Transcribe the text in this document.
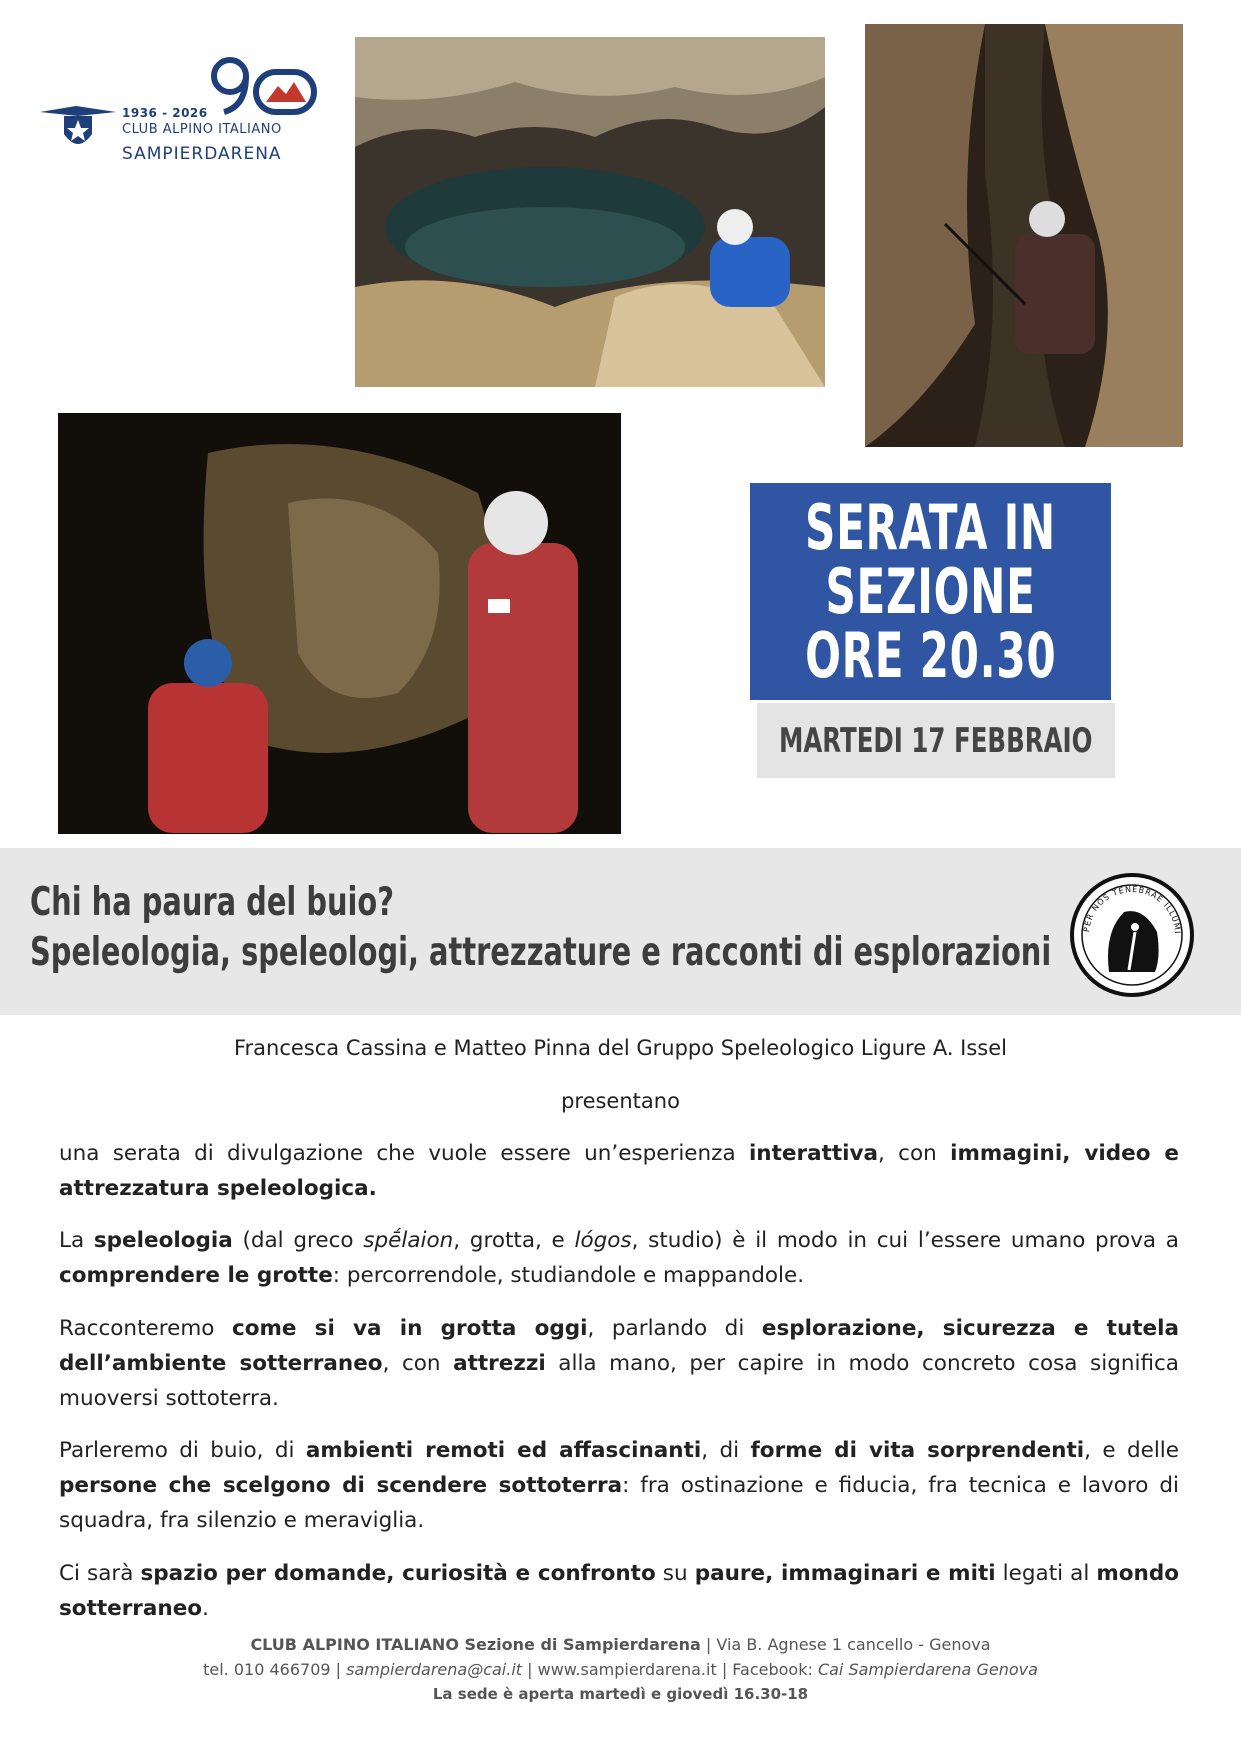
1936 - 2026
CLUB ALPINO ITALIANO
SAMPIERDARENA
SERATA IN
SEZIONE
ORE 20.30
MARTEDI 17 FEBBRAIO
Chi ha paura del buio?
Speleologia, speleologi, attrezzature e racconti di esplorazioni
PER NOS TENEBRAE ILLUMI
Francesca Cassina e Matteo Pinna del Gruppo Speleologico Ligure A. Issel
presentano
una serata di divulgazione che vuole essere un’esperienza interattiva, con immagini, video e attrezzatura speleologica.
La speleologia (dal greco spḗlaion, grotta, e lógos, studio) è il modo in cui l’essere umano prova a comprendere le grotte: percorrendole, studiandole e mappandole.
Racconteremo come si va in grotta oggi, parlando di esplorazione, sicurezza e tutela dell’ambiente sotterraneo, con attrezzi alla mano, per capire in modo concreto cosa significa muoversi sottoterra.
Parleremo di buio, di ambienti remoti ed affascinanti, di forme di vita sorprendenti, e delle persone che scelgono di scendere sottoterra: fra ostinazione e fiducia, fra tecnica e lavoro di squadra, fra silenzio e meraviglia.
Ci sarà spazio per domande, curiosità e confronto su paure, immaginari e miti legati al mondo sotterraneo.
CLUB ALPINO ITALIANO Sezione di Sampierdarena | Via B. Agnese 1 cancello - Genova
tel. 010 466709 | sampierdarena@cai.it | www.sampierdarena.it | Facebook: Cai Sampierdarena Genova
La sede è aperta martedì e giovedì 16.30-18
